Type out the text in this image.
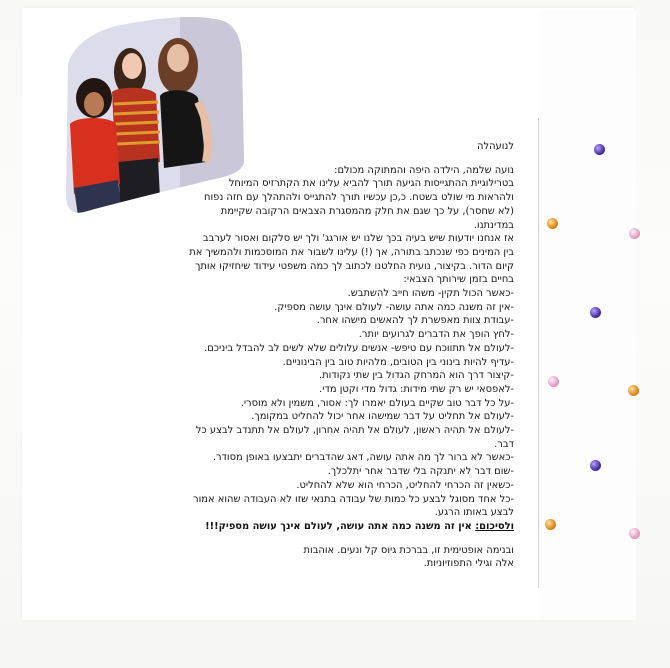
לנועהלה
נועה שלמה, הילדה היפה והמתוקה מכולם:
בטרילוגיית ההתגייסות הגיעה תורך להביא עלינו את הקתרזיס המיוחל
ולהראות מי שולט בשטח. כ,כן עכשיו תורך להתגייס ולהתהלך עם חזה נפוח
(לא שחסר), על כך שגם את חלק מהמסגרת הצבאים הרקובה שקיימת
במדינתנו.
אז אנחנו יודעות שיש בעיה בכך שלנו יש אורגג' ולך יש סלקום ואסור לערבב
בין המינים כפי שנכתב בתורה, אך (!) עלינו לשבור את המוסכמות ולהמשיך את
קיום הדור. בקיצור, נועית החלטנו לכתוב לך כמה משפטי עידוד שיחזיקו אותך
בחיים בזמן שירותך הצבאי:
-כאשר הכול תקין- משהו חייב להשתבש.
-אין זה משנה כמה אתה עושה- לעולם אינך עושה מספיק.
-עבודת צוות מאפשרת לך להאשים מישהו אחר.
-לחץ הופך את הדברים לגרועים יותר.
-לעולם אל תתווכח עם טיפש- אנשים עלולים שלא לשים לב להבדל ביניכם.
-עדיף להיות בינוני בין הטובים, מלהיות טוב בין הבינוניים.
-קיצור דרך הוא המרחק הגדול בין שתי נקודות.
-לאפסאי יש רק שתי מידות: גדול מדי וקטן מדי.
-על כל דבר טוב שקיים בעולם יאמרו לך: אסור, משמין ולא מוסרי.
-לעולם אל תחליט על דבר שמישהו אחר יכול להחליט במקומך.
-לעולם אל תהיה ראשון, לעולם אל תהיה אחרון, לעולם אל תתנדב לבצע כל
דבר.
-כאשר לא ברור לך מה אתה עושה, דאג שהדברים יתבצעו באופן מסודר.
-שום דבר לא יתנקה בלי שדבר אחר יתלכלך.
-כשאין זה הכרחי להחליט, הכרחי הוא שלא להחליט.
-כל אחד מסוגל לבצע כל כמות של עבודה בתנאי שזו לא העבודה שהוא אמור
לבצע באותו הרגע.
ולסיכום: אין זה משנה כמה אתה עושה, לעולם אינך עושה מספיק!!!
ובנימה אופטימית זו, בברכת גיוס קל ונעים. אוהבות
אלה וגילי התפוזיוניות.
